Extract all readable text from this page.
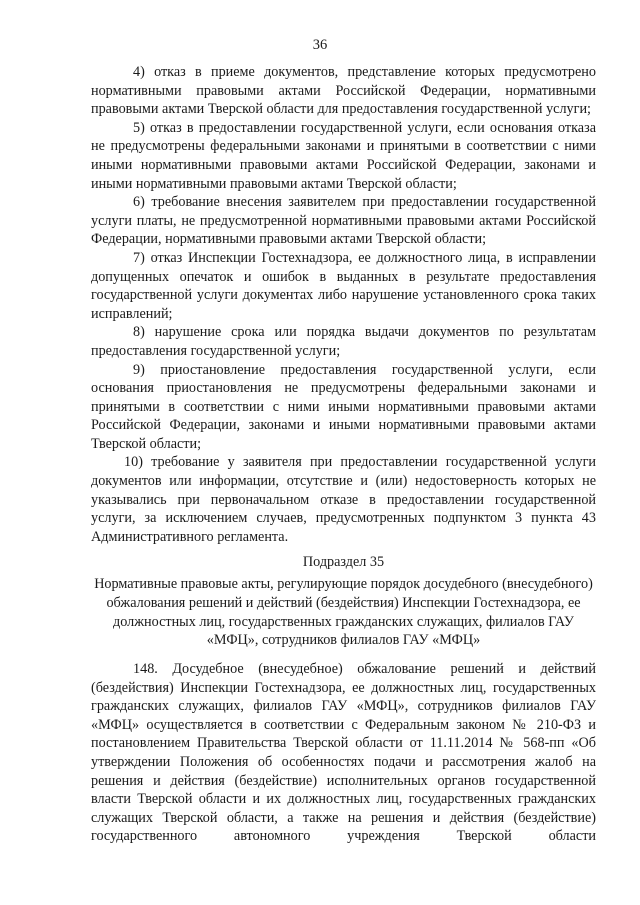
36

4) отказ в приеме документов, представление которых предусмотрено нормативными правовыми актами Российской Федерации, нормативными правовыми актами Тверской области для предоставления государственной услуги;

5) отказ в предоставлении государственной услуги, если основания отказа не предусмотрены федеральными законами и принятыми в соответствии с ними иными нормативными правовыми актами Российской Федерации, законами и иными нормативными правовыми актами Тверской области;

6) требование внесения заявителем при предоставлении государственной услуги платы, не предусмотренной нормативными правовыми актами Российской Федерации, нормативными правовыми актами Тверской области;

7) отказ Инспекции Гостехнадзора, ее должностного лица, в исправлении допущенных опечаток и ошибок в выданных в результате предоставления государственной услуги документах либо нарушение установленного срока таких исправлений;

8) нарушение срока или порядка выдачи документов по результатам предоставления государственной услуги;

9) приостановление предоставления государственной услуги, если основания приостановления не предусмотрены федеральными законами и принятыми в соответствии с ними иными нормативными правовыми актами Российской Федерации, законами и иными нормативными правовыми актами Тверской области;

10) требование у заявителя при предоставлении государственной услуги документов или информации, отсутствие и (или) недостоверность которых не указывались при первоначальном отказе в предоставлении государственной услуги, за исключением случаев, предусмотренных подпунктом 3 пункта 43 Административного регламента.

Подраздел 35

Нормативные правовые акты, регулирующие порядок досудебного (внесудебного) обжалования решений и действий (бездействия) Инспекции Гостехнадзора, ее должностных лиц, государственных гражданских служащих, филиалов ГАУ «МФЦ», сотрудников филиалов ГАУ «МФЦ»

148. Досудебное (внесудебное) обжалование решений и действий (бездействия) Инспекции Гостехнадзора, ее должностных лиц, государственных гражданских служащих, филиалов ГАУ «МФЦ», сотрудников филиалов ГАУ «МФЦ» осуществляется в соответствии с Федеральным законом № 210-ФЗ и постановлением Правительства Тверской области от 11.11.2014 № 568-пп «Об утверждении Положения об особенностях подачи и рассмотрения жалоб на решения и действия (бездействие) исполнительных органов государственной власти Тверской области и их должностных лиц, государственных гражданских служащих Тверской области, а также на решения и действия (бездействие) государственного автономного учреждения Тверской области
